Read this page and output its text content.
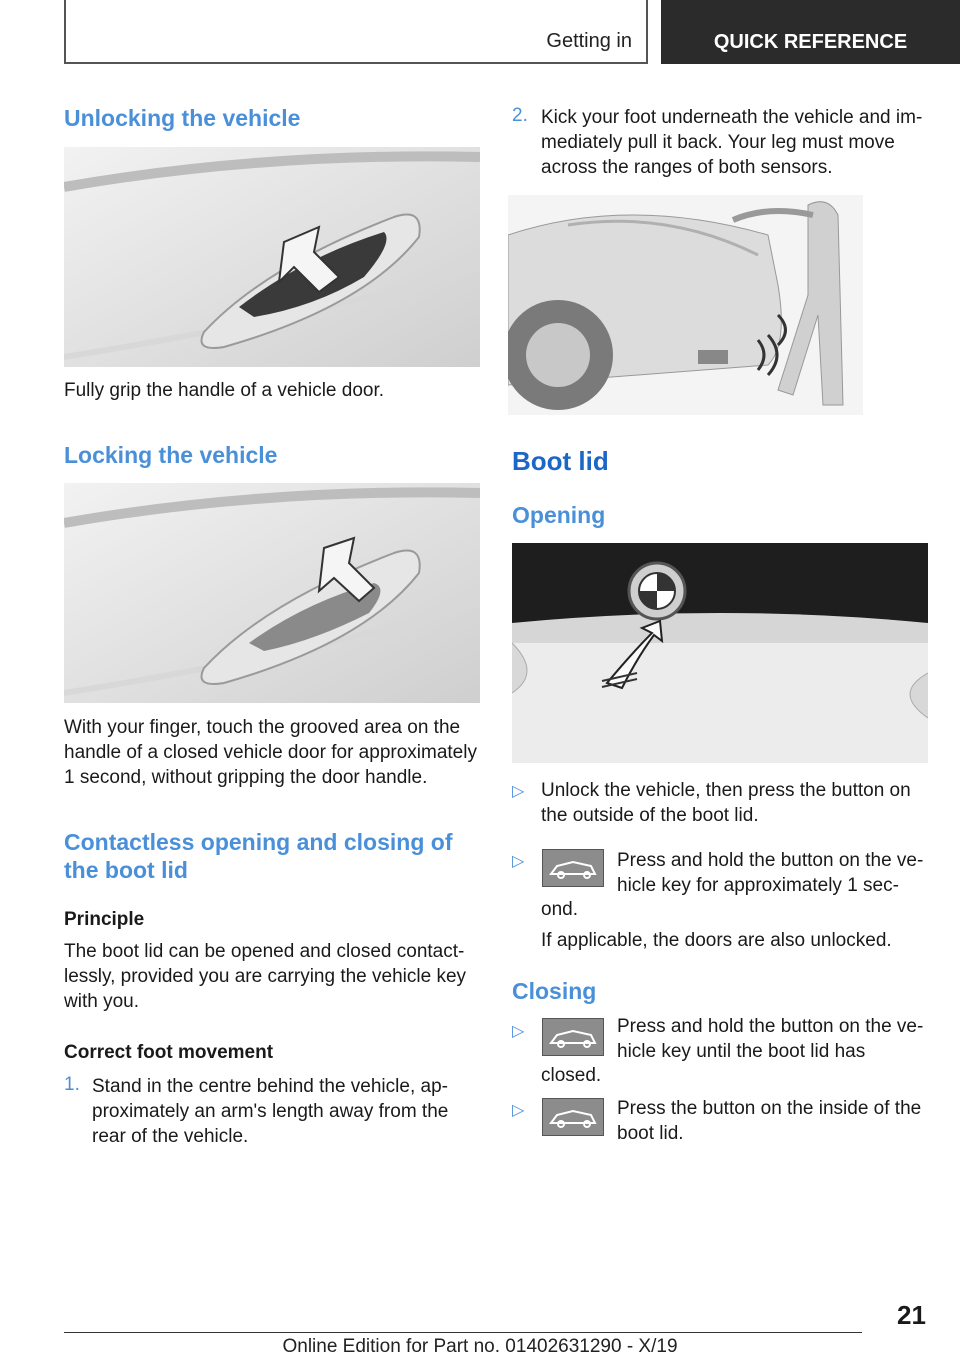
Getting in	QUICK REFERENCE
Unlocking the vehicle
Fully grip the handle of a vehicle door.
Locking the vehicle
With your finger, touch the grooved area on the handle of a closed vehicle door for approximately 1 second, without gripping the door handle.
Contactless opening and closing of
the boot lid
Principle
The boot lid can be opened and closed contact-lessly, provided you are carrying the vehicle key with you.
Correct foot movement
1. Stand in the centre behind the vehicle, ap-proximately an arm's length away from the rear of the vehicle.
2. Kick your foot underneath the vehicle and im-mediately pull it back. Your leg must move across the ranges of both sensors.
Boot lid
Opening
▷ Unlock the vehicle, then press the button on the outside of the boot lid.
▷	Press and hold the button on the ve-hicle key for approximately 1 sec-
ond.
If applicable, the doors are also unlocked.
Closing
▷	Press and hold the button on the ve-hicle key until the boot lid has
closed.
▷	Press the button on the inside of the boot lid.
21
Online Edition for Part no. 01402631290 - X/19
